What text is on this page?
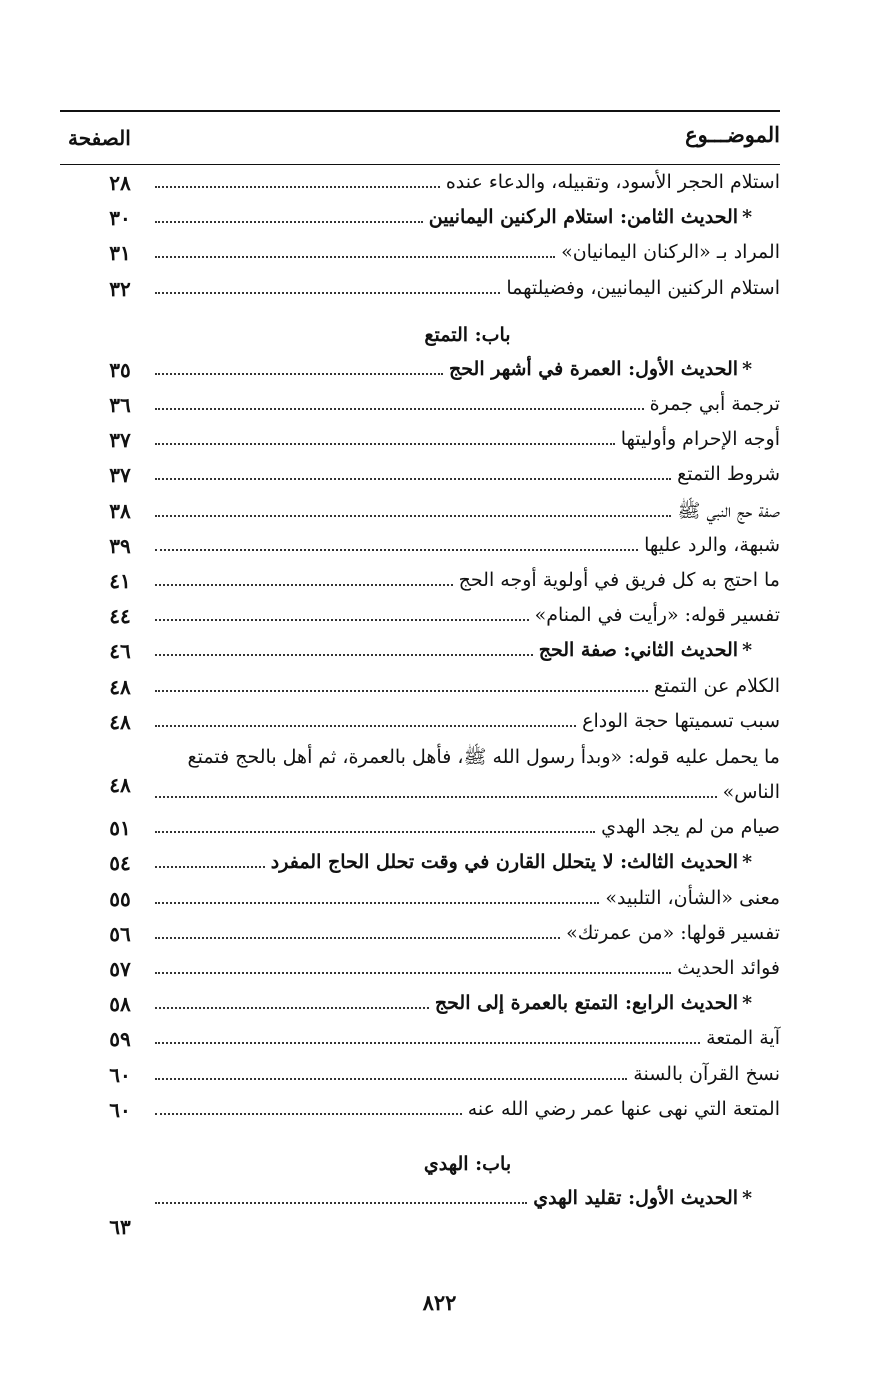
الموضـــوع
الصفحة
استلام الحجر الأسود، وتقبيله، والدعاء عنده
٢٨
*الحديث الثامن: استلام الركنين اليمانيين
٣٠
المراد بـ «الركنان اليمانيان»
٣١
استلام الركنين اليمانيين، وفضيلتهما
٣٢
باب: التمتع
*الحديث الأول: العمرة في أشهر الحج
٣٥
ترجمة أبي جمرة
٣٦
أوجه الإحرام وأوليتها
٣٧
شروط التمتع
٣٧
صفة حج النبي ﷺ
٣٨
شبهة، والرد عليها
٣٩
ما احتج به كل فريق في أولوية أوجه الحج
٤١
تفسير قوله: «رأيت في المنام»
٤٤
*الحديث الثاني: صفة الحج
٤٦
الكلام عن التمتع
٤٨
سبب تسميتها حجة الوداع
٤٨
ما يحمل عليه قوله: «وبدأ رسول الله ﷺ، فأهل بالعمرة، ثم أهل بالحج فتمتع
الناس»
٤٨
صيام من لم يجد الهدي
٥١
*الحديث الثالث: لا يتحلل القارن في وقت تحلل الحاج المفرد
٥٤
معنى «الشأن، التلبيد»
٥٥
تفسير قولها: «من عمرتك»
٥٦
فوائد الحديث
٥٧
*الحديث الرابع: التمتع بالعمرة إلى الحج
٥٨
آية المتعة
٥٩
نسخ القرآن بالسنة
٦٠
المتعة التي نهى عنها عمر رضي الله عنه
٦٠
باب: الهدي
*الحديث الأول: تقليد الهدي
٦٣
٨٢٢
